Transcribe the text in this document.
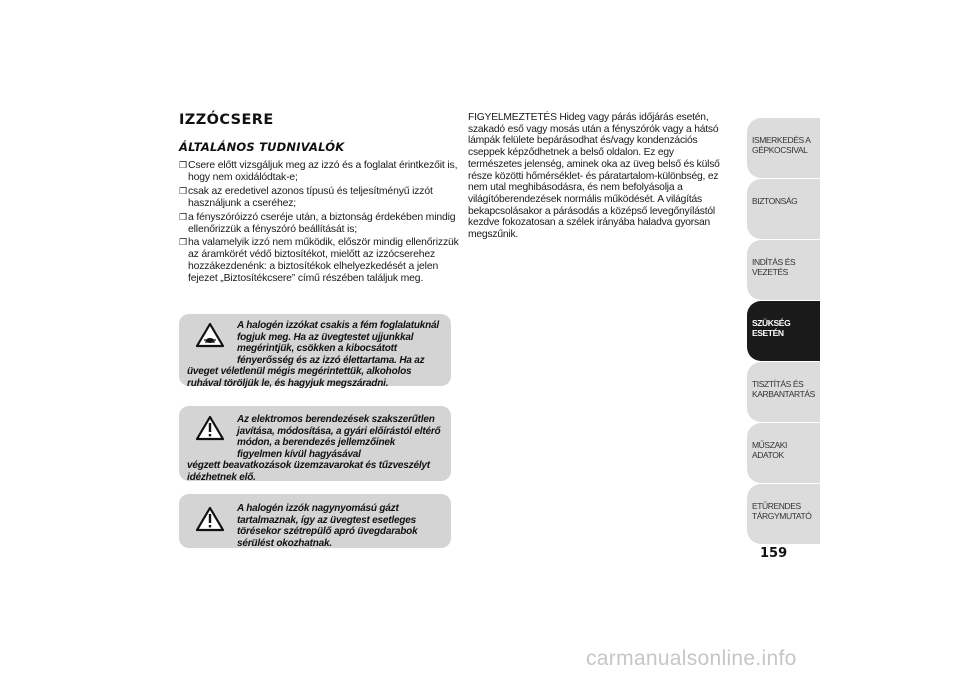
IZZÓCSERE
ÁLTALÁNOS TUDNIVALÓK
❒ Csere előtt vizsgáljuk meg az izzó és a foglalat érintkezőit is, hogy nem oxidálódtak-e;
❒ csak az eredetivel azonos típusú és teljesítményű izzót használjunk a cseréhez;
❒ a fényszóróizzó cseréje után, a biztonság érdekében mindig ellenőrizzük a fényszóró beállítását is;
❒ ha valamelyik izzó nem működik, először mindig ellenőrizzük az áramkörét védő biztosítékot, mielőtt az izzócserehez hozzákezdenénk: a biztosítékok elhelyezkedését a jelen fejezet „Biztosítékcsere” című részében találjuk meg.
A halogén izzókat csakis a fém foglalatuknál fogjuk meg. Ha az üvegtestet ujjunkkal megérintjük, csökken a kibocsátott fényerősség és az izzó élettartama. Ha az
üveget véletlenül mégis megérintettük, alkoholos ruhával töröljük le, és hagyjuk megszáradni.
Az elektromos berendezések szakszerűtlen javítása, módosítása, a gyári előírástól eltérő módon, a berendezés jellemzőinek figyelmen kívül hagyásával
végzett beavatkozások üzemzavarokat és tűzveszélyt idézhetnek elő.
A halogén izzók nagynyomású gázt tartalmaznak, így az üvegtest esetleges törésekor szétrepülő apró üvegdarabok sérülést okozhatnak.
FIGYELMEZTETÉS Hideg vagy párás időjárás esetén, szakadó eső vagy mosás után a fényszórók vagy a hátsó lámpák felülete bepárásodhat és/vagy kondenzációs cseppek képződhetnek a belső oldalon. Ez egy természetes jelenség, aminek oka az üveg belső és külső része közötti hőmérséklet- és páratartalom-különbség, ez nem utal meghibásodásra, és nem befolyásolja a világítóberendezések normális működését. A világítás bekapcsolásakor a párásodás a középső levegőnyílástól kezdve fokozatosan a szélek irányába haladva gyorsan megszűnik.
ISMERKEDÉS A GÉPKOCSIVAL
BIZTONSÁG
INDÍTÁS ÉS VEZETÉS
SZÜKSÉG ESETÉN
TISZTÍTÁS ÉS KARBANTARTÁS
MŰSZAKI ADATOK
ETŰRENDES TÁRGYMUTATÓ
159
carmanualsonline.info
